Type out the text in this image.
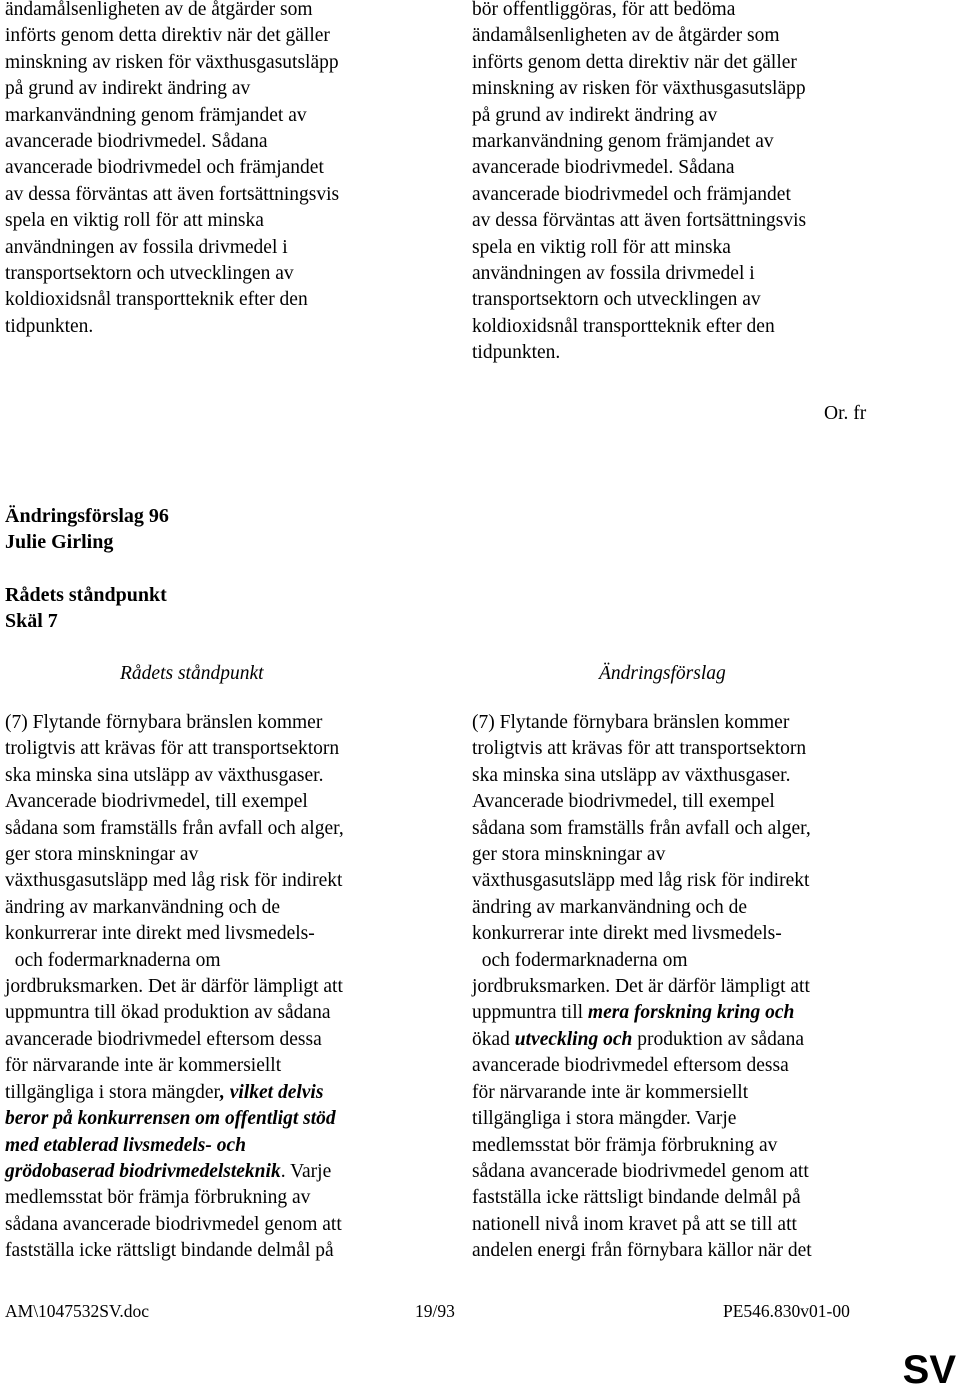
ändamålsenligheten av de åtgärder som
införts genom detta direktiv när det gäller
minskning av risken för växthusgasutsläpp
på grund av indirekt ändring av
markanvändning genom främjandet av
avancerade biodrivmedel. Sådana
avancerade biodrivmedel och främjandet
av dessa förväntas att även fortsättningsvis
spela en viktig roll för att minska
användningen av fossila drivmedel i
transportsektorn och utvecklingen av
koldioxidsnål transportteknik efter den
tidpunkten.
bör offentliggöras, för att bedöma
ändamålsenligheten av de åtgärder som
införts genom detta direktiv när det gäller
minskning av risken för växthusgasutsläpp
på grund av indirekt ändring av
markanvändning genom främjandet av
avancerade biodrivmedel. Sådana
avancerade biodrivmedel och främjandet
av dessa förväntas att även fortsättningsvis
spela en viktig roll för att minska
användningen av fossila drivmedel i
transportsektorn och utvecklingen av
koldioxidsnål transportteknik efter den
tidpunkten.
Or. fr
Ändringsförslag 96
Julie Girling
Rådets ståndpunkt
Skäl 7
Rådets ståndpunkt	Ändringsförslag
(7) Flytande förnybara bränslen kommer
troligtvis att krävas för att transportsektorn
ska minska sina utsläpp av växthusgaser.
Avancerade biodrivmedel, till exempel
sådana som framställs från avfall och alger,
ger stora minskningar av
växthusgasutsläpp med låg risk för indirekt
ändring av markanvändning och de
konkurrerar inte direkt med livsmedels-
och fodermarknaderna om
jordbruksmarken. Det är därför lämpligt att
uppmuntra till ökad produktion av sådana
avancerade biodrivmedel eftersom dessa
för närvarande inte är kommersiellt
tillgängliga i stora mängder, vilket delvis
beror på konkurrensen om offentligt stöd
med etablerad livsmedels- och
grödobaserad biodrivmedelsteknik. Varje
medlemsstat bör främja förbrukning av
sådana avancerade biodrivmedel genom att
fastställa icke rättsligt bindande delmål på
(7) Flytande förnybara bränslen kommer
troligtvis att krävas för att transportsektorn
ska minska sina utsläpp av växthusgaser.
Avancerade biodrivmedel, till exempel
sådana som framställs från avfall och alger,
ger stora minskningar av
växthusgasutsläpp med låg risk för indirekt
ändring av markanvändning och de
konkurrerar inte direkt med livsmedels-
och fodermarknaderna om
jordbruksmarken. Det är därför lämpligt att
uppmuntra till mera forskning kring och
ökad utveckling och produktion av sådana
avancerade biodrivmedel eftersom dessa
för närvarande inte är kommersiellt
tillgängliga i stora mängder. Varje
medlemsstat bör främja förbrukning av
sådana avancerade biodrivmedel genom att
fastställa icke rättsligt bindande delmål på
nationell nivå inom kravet på att se till att
andelen energi från förnybara källor när det
AM\1047532SV.doc	19/93	PE546.830v01-00
SV
